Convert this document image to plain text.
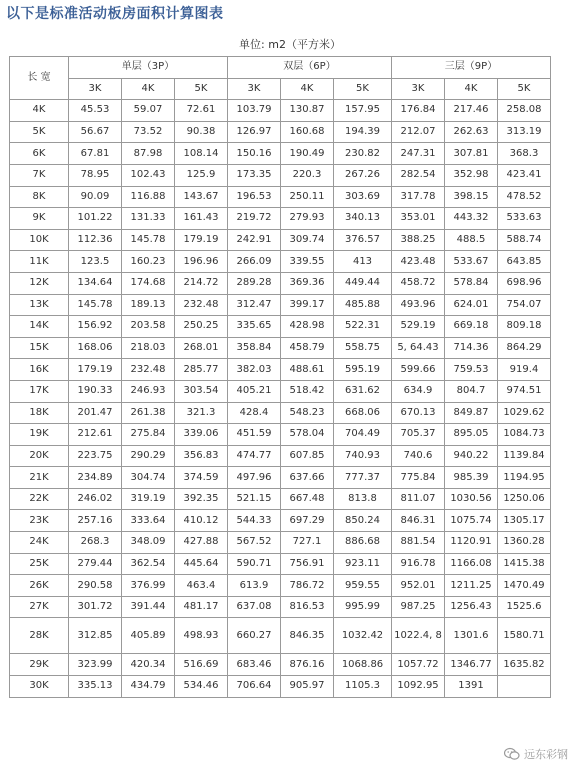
以下是标准活动板房面积计算图表
单位: m2（平方米）
长 宽	单层（3P）			双层（6P）			三层（9P）		
	3K	4K	5K	3K	4K	5K	3K	4K	5K
4K	45.53	59.07	72.61	103.79	130.87	157.95	176.84	217.46	258.08
5K	56.67	73.52	90.38	126.97	160.68	194.39	212.07	262.63	313.19
6K	67.81	87.98	108.14	150.16	190.49	230.82	247.31	307.81	368.3
7K	78.95	102.43	125.9	173.35	220.3	267.26	282.54	352.98	423.41
8K	90.09	116.88	143.67	196.53	250.11	303.69	317.78	398.15	478.52
9K	101.22	131.33	161.43	219.72	279.93	340.13	353.01	443.32	533.63
10K	112.36	145.78	179.19	242.91	309.74	376.57	388.25	488.5	588.74
11K	123.5	160.23	196.96	266.09	339.55	413	423.48	533.67	643.85
12K	134.64	174.68	214.72	289.28	369.36	449.44	458.72	578.84	698.96
13K	145.78	189.13	232.48	312.47	399.17	485.88	493.96	624.01	754.07
14K	156.92	203.58	250.25	335.65	428.98	522.31	529.19	669.18	809.18
15K	168.06	218.03	268.01	358.84	458.79	558.75	5, 64.43	714.36	864.29
16K	179.19	232.48	285.77	382.03	488.61	595.19	599.66	759.53	919.4
17K	190.33	246.93	303.54	405.21	518.42	631.62	634.9	804.7	974.51
18K	201.47	261.38	321.3	428.4	548.23	668.06	670.13	849.87	1029.62
19K	212.61	275.84	339.06	451.59	578.04	704.49	705.37	895.05	1084.73
20K	223.75	290.29	356.83	474.77	607.85	740.93	740.6	940.22	1139.84
21K	234.89	304.74	374.59	497.96	637.66	777.37	775.84	985.39	1194.95
22K	246.02	319.19	392.35	521.15	667.48	813.8	811.07	1030.56	1250.06
23K	257.16	333.64	410.12	544.33	697.29	850.24	846.31	1075.74	1305.17
24K	268.3	348.09	427.88	567.52	727.1	886.68	881.54	1120.91	1360.28
25K	279.44	362.54	445.64	590.71	756.91	923.11	916.78	1166.08	1415.38
26K	290.58	376.99	463.4	613.9	786.72	959.55	952.01	1211.25	1470.49
27K	301.72	391.44	481.17	637.08	816.53	995.99	987.25	1256.43	1525.6
28K	312.85	405.89	498.93	660.27	846.35	1032.42	1022.4, 8	1301.6	1580.71
29K	323.99	420.34	516.69	683.46	876.16	1068.86	1057.72	1346.77	1635.82
30K	335.13	434.79	534.46	706.64	905.97	1105.3	1092.95	1391	
远东彩钢
